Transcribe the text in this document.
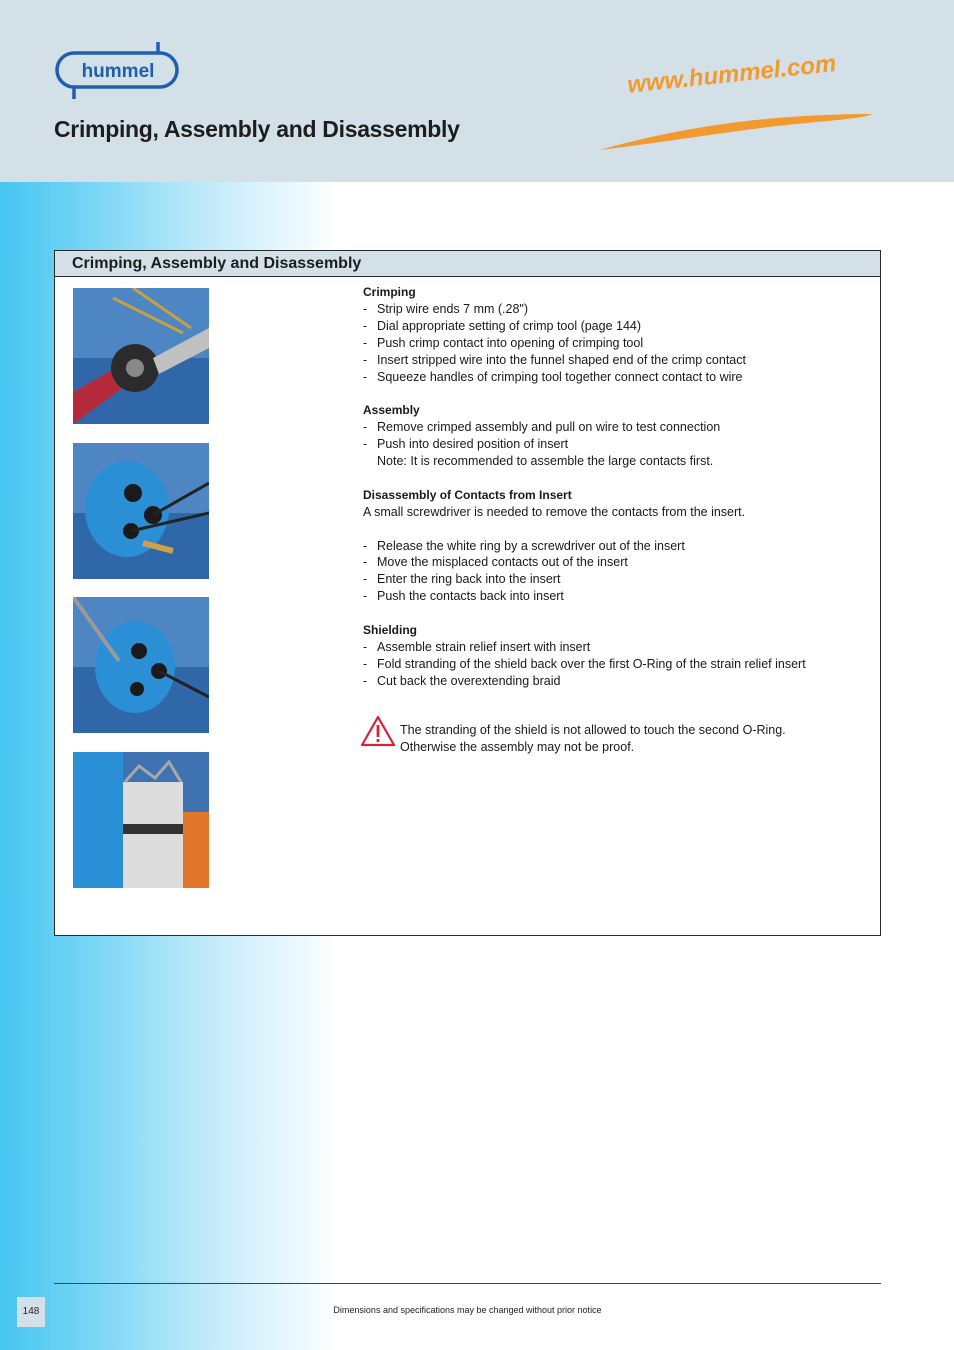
hummel
Crimping, Assembly and Disassembly
www.hummel.com
Crimping, Assembly and Disassembly
Crimping
- Strip wire ends 7 mm (.28")
- Dial appropriate setting of crimp tool (page 144)
- Push crimp contact into opening of crimping tool
- Insert stripped wire into the funnel shaped end of the crimp contact
- Squeeze handles of crimping tool together connect contact to wire
Assembly
- Remove crimped assembly and pull on wire to test connection
- Push into desired position of insert
Note: It is recommended to assemble the large contacts first.
Disassembly of Contacts from Insert
A small screwdriver is needed to remove the contacts from the insert.
- Release the white ring by a screwdriver out of the insert
- Move the misplaced contacts out of the insert
- Enter the ring back into the insert
- Push the contacts back into insert
Shielding
- Assemble strain relief insert with insert
- Fold stranding of the shield back over the first O-Ring of the strain relief insert
- Cut back the overextending braid
The stranding of the shield is not allowed to touch the second O-Ring.
Otherwise the assembly may not be proof.
148	Dimensions and specifications may be changed without prior notice
